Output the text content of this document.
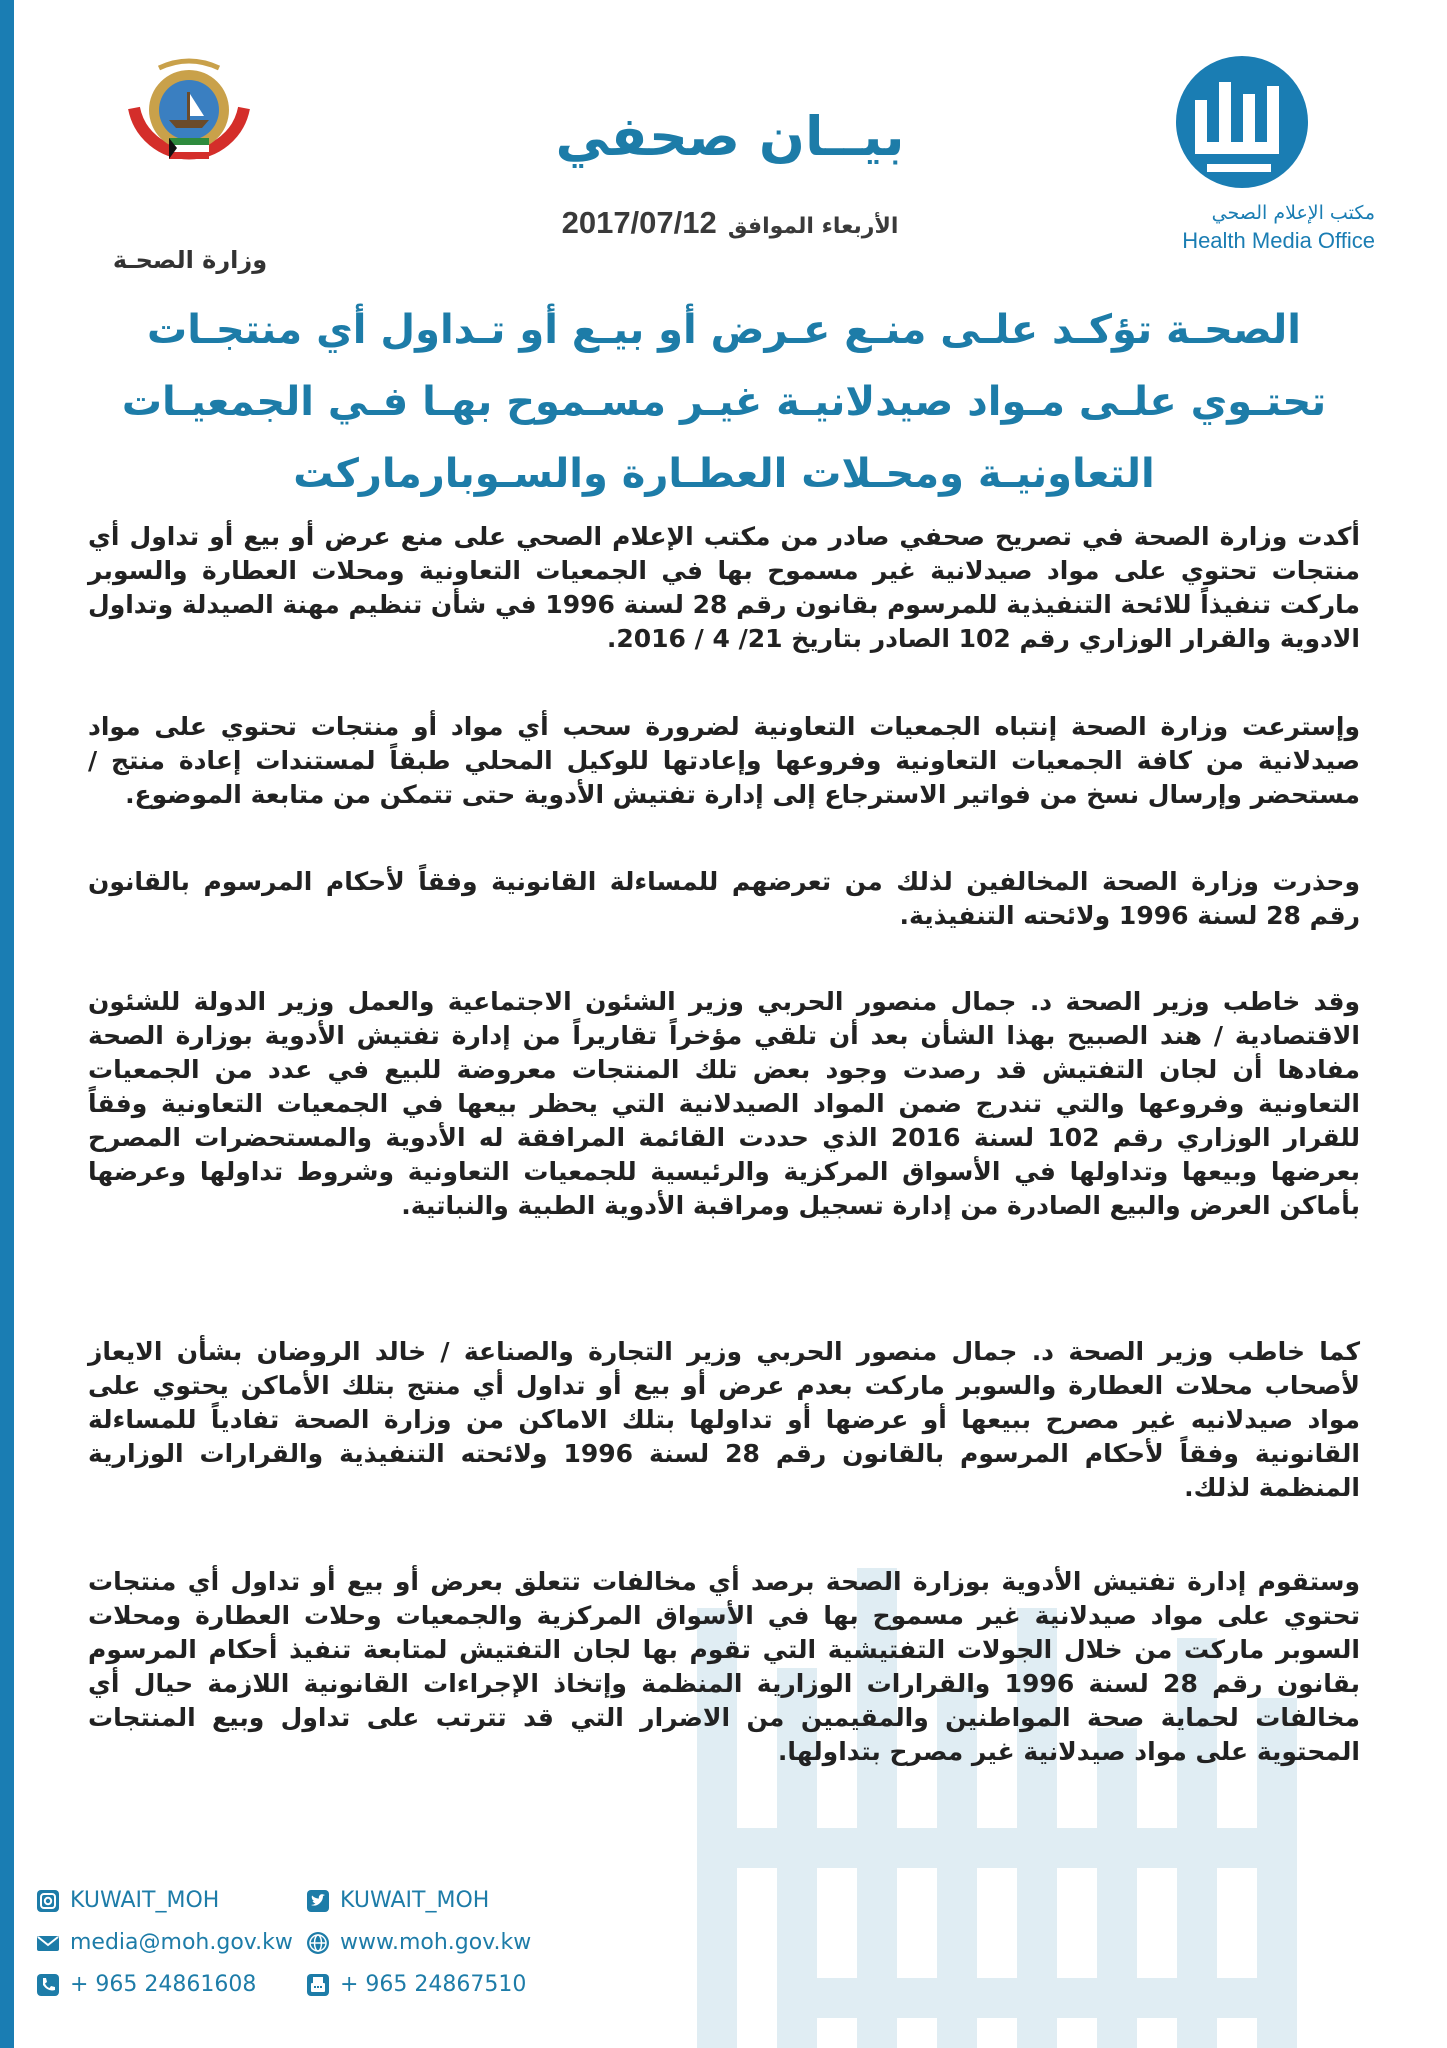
مكتب الإعلام الصحي
Health Media Office
وزارة الصحـة
بيــان صحفي
الأربعاء الموافق 2017/07/12
الصحـة تؤكـد علـى منـع عـرض أو بيـع أو تـداول أي منتجـات تحتـوي علـى مـواد صيدلانيـة غيـر مسـموح بهـا فـي الجمعيـات التعاونيـة ومحـلات العطـارة والسـوبارماركت

أكدت وزارة الصحة في تصريح صحفي صادر من مكتب الإعلام الصحي على منع عرض أو بيع أو تداول أي منتجات تحتوي على مواد صيدلانية غير مسموح بها في الجمعيات التعاونية ومحلات العطارة والسوبر ماركت تنفيذاً للائحة التنفيذية للمرسوم بقانون رقم 28 لسنة 1996 في شأن تنظيم مهنة الصيدلة وتداول الادوية والقرار الوزاري رقم 102 الصادر بتاريخ 21/ 4 / 2016.

وإسترعت وزارة الصحة إنتباه الجمعيات التعاونية لضرورة سحب أي مواد أو منتجات تحتوي على مواد صيدلانية من كافة الجمعيات التعاونية وفروعها وإعادتها للوكيل المحلي طبقاً لمستندات إعادة منتج / مستحضر وإرسال نسخ من فواتير الاسترجاع إلى إدارة تفتيش الأدوية حتى تتمكن من متابعة الموضوع.

وحذرت وزارة الصحة المخالفين لذلك من تعرضهم للمساءلة القانونية وفقاً لأحكام المرسوم بالقانون رقم 28 لسنة 1996 ولائحته التنفيذية.

وقد خاطب وزير الصحة د. جمال منصور الحربي وزير الشئون الاجتماعية والعمل وزير الدولة للشئون الاقتصادية / هند الصبيح بهذا الشأن بعد أن تلقي مؤخراً تقاريراً من إدارة تفتيش الأدوية بوزارة الصحة مفادها أن لجان التفتيش قد رصدت وجود بعض تلك المنتجات معروضة للبيع في عدد من الجمعيات التعاونية وفروعها والتي تندرج ضمن المواد الصيدلانية التي يحظر بيعها في الجمعيات التعاونية وفقاً للقرار الوزاري رقم 102 لسنة 2016 الذي حددت القائمة المرافقة له الأدوية والمستحضرات المصرح بعرضها وبيعها وتداولها في الأسواق المركزية والرئيسية للجمعيات التعاونية وشروط تداولها وعرضها بأماكن العرض والبيع الصادرة من إدارة تسجيل ومراقبة الأدوية الطبية والنباتية.

كما خاطب وزير الصحة د. جمال منصور الحربي وزير التجارة والصناعة / خالد الروضان بشأن الايعاز لأصحاب محلات العطارة والسوبر ماركت بعدم عرض أو بيع أو تداول أي منتج بتلك الأماكن يحتوي على مواد صيدلانيه غير مصرح ببيعها أو عرضها أو تداولها بتلك الاماكن من وزارة الصحة تفادياً للمساءلة القانونية وفقاً لأحكام المرسوم بالقانون رقم 28 لسنة 1996 ولائحته التنفيذية والقرارات الوزارية المنظمة لذلك.

وستقوم إدارة تفتيش الأدوية بوزارة الصحة برصد أي مخالفات تتعلق بعرض أو بيع أو تداول أي منتجات تحتوي على مواد صيدلانية غير مسموح بها في الأسواق المركزية والجمعيات وحلات العطارة ومحلات السوبر ماركت من خلال الجولات التفتيشية التي تقوم بها لجان التفتيش لمتابعة تنفيذ أحكام المرسوم بقانون رقم 28 لسنة 1996 والقرارات الوزارية المنظمة وإتخاذ الإجراءات القانونية اللازمة حيال أي مخالفات لحماية صحة المواطنين والمقيمين من الاضرار التي قد تترتب على تداول وبيع المنتجات المحتوية على مواد صيدلانية غير مصرح بتداولها.

KUWAIT_MOH
media@moh.gov.kw
+ 965 24861608
KUWAIT_MOH
www.moh.gov.kw
+ 965 24867510
